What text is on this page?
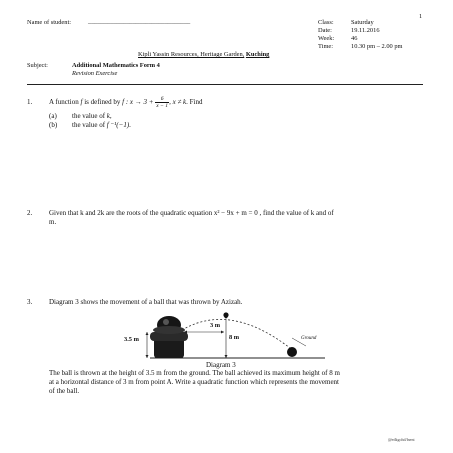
1
Name of student:	________________________________	Class:	Saturday
Date:	19.11.2016
Week:	46
Time:	10.30 pm – 2.00 pm
Kipli Yassin Resources, Heritage Garden, Kuching
Subject:	Additional Mathematics Form 4
Revision Exercise
1. A function f is defined by f : $x \to 3 + \frac{6}{x - 1}$ , x ≠ k. Find
(a) the value of k,
(b) the value of f ⁻¹(−1).
2. Given that k and 2k are the roots of the quadratic equation x² − 9x + m = 0 , find the value of k and of
m.
3. Diagram 3 shows the movement of a ball that was thrown by Azizah.
3.5 m
3 m
8 m	Ground
Diagram 3
The ball is thrown at the height of 3.5 m from the ground. The ball achieved its maximum height of 8 m
at a horizontal distance of 3 m from point A. Write a quadratic function which represents the movement
of the ball.
@edkgohd/lnent
